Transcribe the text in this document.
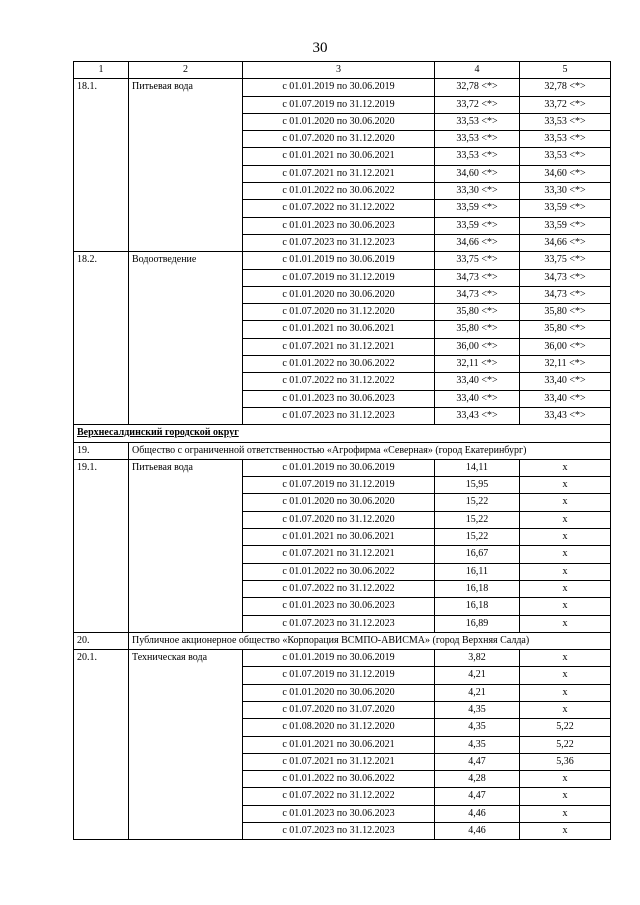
30
1	2	3	4	5
18.1.	Питьевая вода	с 01.01.2019 по 30.06.2019	32,78 <*>	32,78 <*>
		с 01.07.2019 по 31.12.2019	33,72 <*>	33,72 <*>
		с 01.01.2020 по 30.06.2020	33,53 <*>	33,53 <*>
		с 01.07.2020 по 31.12.2020	33,53 <*>	33,53 <*>
		с 01.01.2021 по 30.06.2021	33,53 <*>	33,53 <*>
		с 01.07.2021 по 31.12.2021	34,60 <*>	34,60 <*>
		с 01.01.2022 по 30.06.2022	33,30 <*>	33,30 <*>
		с 01.07.2022 по 31.12.2022	33,59 <*>	33,59 <*>
		с 01.01.2023 по 30.06.2023	33,59 <*>	33,59 <*>
		с 01.07.2023 по 31.12.2023	34,66 <*>	34,66 <*>
18.2.	Водоотведение	с 01.01.2019 по 30.06.2019	33,75 <*>	33,75 <*>
		с 01.07.2019 по 31.12.2019	34,73 <*>	34,73 <*>
		с 01.01.2020 по 30.06.2020	34,73 <*>	34,73 <*>
		с 01.07.2020 по 31.12.2020	35,80 <*>	35,80 <*>
		с 01.01.2021 по 30.06.2021	35,80 <*>	35,80 <*>
		с 01.07.2021 по 31.12.2021	36,00 <*>	36,00 <*>
		с 01.01.2022 по 30.06.2022	32,11 <*>	32,11 <*>
		с 01.07.2022 по 31.12.2022	33,40 <*>	33,40 <*>
		с 01.01.2023 по 30.06.2023	33,40 <*>	33,40 <*>
		с 01.07.2023 по 31.12.2023	33,43 <*>	33,43 <*>
Верхнесалдинский городской округ				
19.	Общество с ограниченной ответственностью «Агрофирма «Северная» (город Екатеринбург)			
19.1.	Питьевая вода	с 01.01.2019 по 30.06.2019	14,11	x
		с 01.07.2019 по 31.12.2019	15,95	x
		с 01.01.2020 по 30.06.2020	15,22	x
		с 01.07.2020 по 31.12.2020	15,22	x
		с 01.01.2021 по 30.06.2021	15,22	x
		с 01.07.2021 по 31.12.2021	16,67	x
		с 01.01.2022 по 30.06.2022	16,11	x
		с 01.07.2022 по 31.12.2022	16,18	x
		с 01.01.2023 по 30.06.2023	16,18	x
		с 01.07.2023 по 31.12.2023	16,89	x
20.	Публичное акционерное общество «Корпорация ВСМПО-АВИСМА» (город Верхняя Салда)			
20.1.	Техническая вода	с 01.01.2019 по 30.06.2019	3,82	x
		с 01.07.2019 по 31.12.2019	4,21	x
		с 01.01.2020 по 30.06.2020	4,21	x
		с 01.07.2020 по 31.07.2020	4,35	x
		с 01.08.2020 по 31.12.2020	4,35	5,22
		с 01.01.2021 по 30.06.2021	4,35	5,22
		с 01.07.2021 по 31.12.2021	4,47	5,36
		с 01.01.2022 по 30.06.2022	4,28	x
		с 01.07.2022 по 31.12.2022	4,47	x
		с 01.01.2023 по 30.06.2023	4,46	x
		с 01.07.2023 по 31.12.2023	4,46	x
